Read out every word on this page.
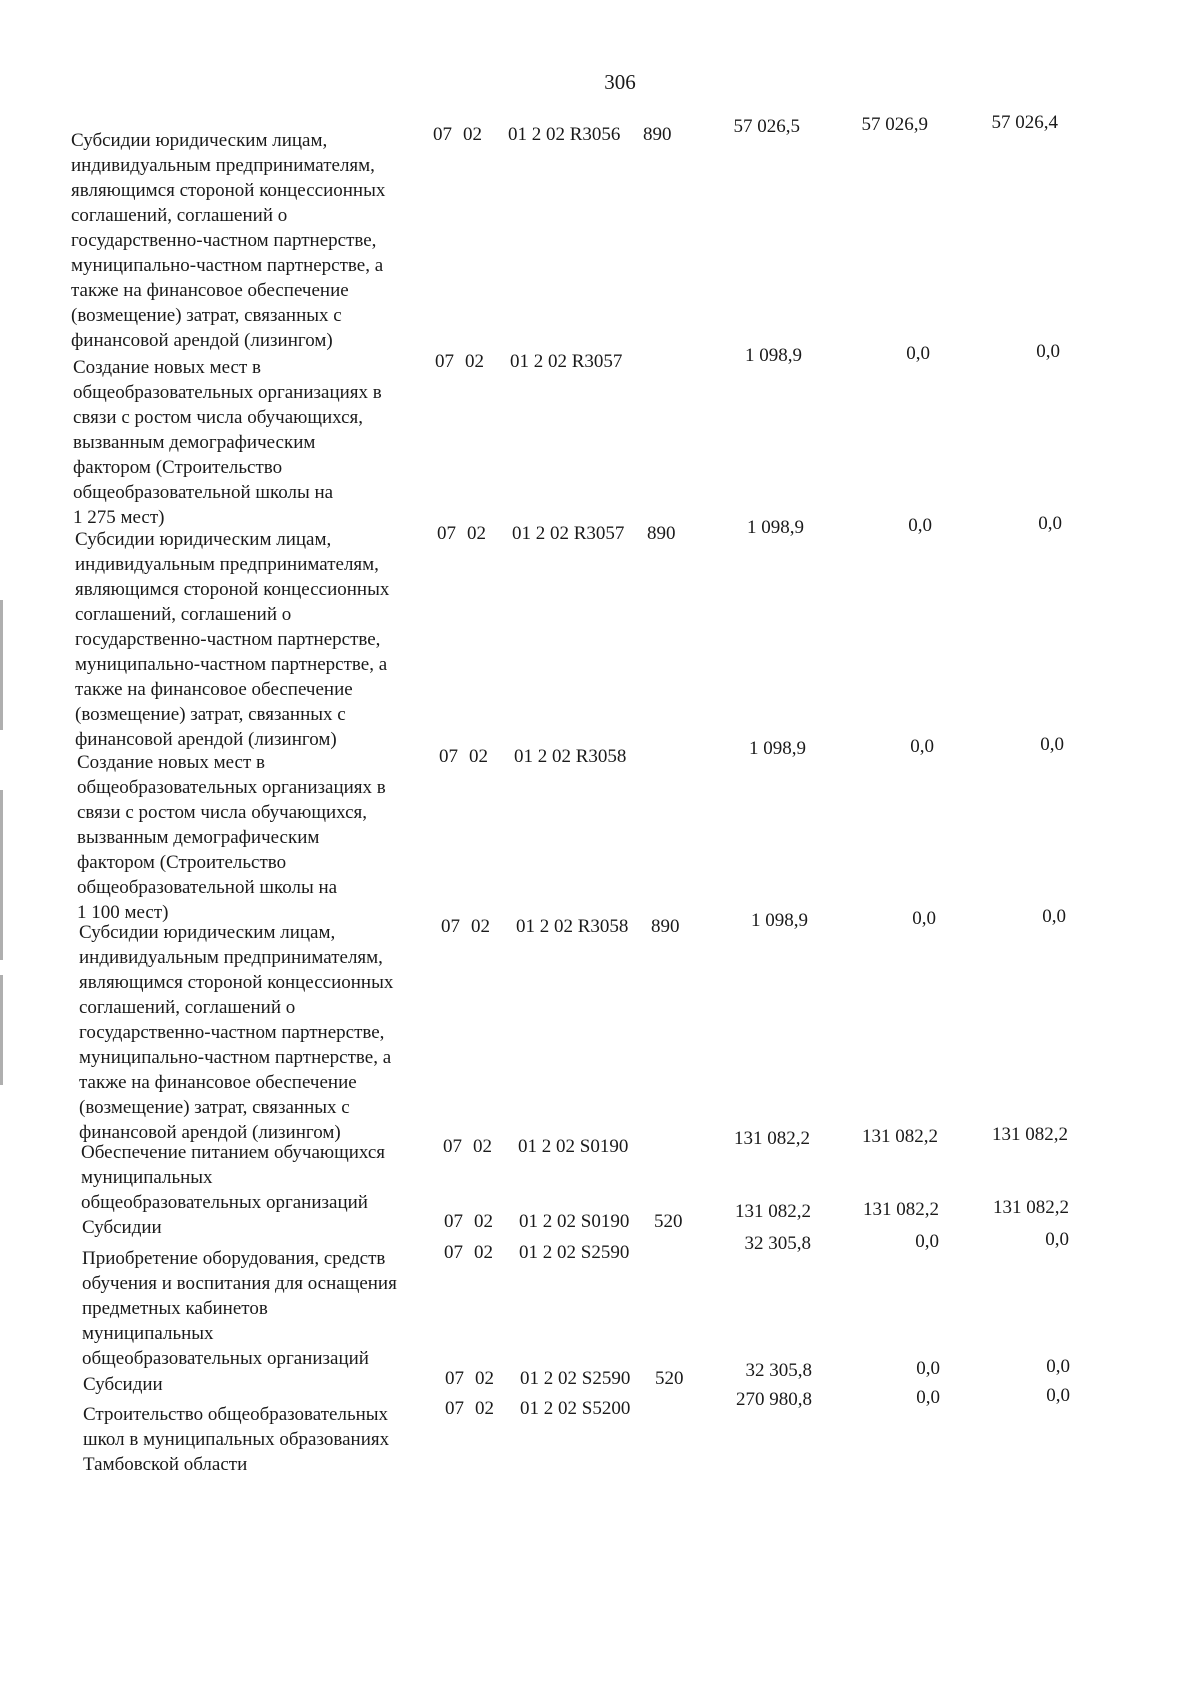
306
Субсидии юридическим лицам,
индивидуальным предпринимателям,
являющимся стороной концессионных
соглашений, соглашений о
государственно-частном партнерстве,
муниципально-частном партнерстве, а
также на финансовое обеспечение
(возмещение) затрат, связанных с
финансовой арендой (лизингом)
07 02 01 2 02 R3056 890	57 026,5	57 026,9	57 026,4
Создание новых мест в
общеобразовательных организациях в
связи с ростом числа обучающихся,
вызванным демографическим
фактором (Строительство
общеобразовательной школы на
1 275 мест)
07 02 01 2 02 R3057	1 098,9	0,0	0,0
Субсидии юридическим лицам,
индивидуальным предпринимателям,
являющимся стороной концессионных
соглашений, соглашений о
государственно-частном партнерстве,
муниципально-частном партнерстве, а
также на финансовое обеспечение
(возмещение) затрат, связанных с
финансовой арендой (лизингом)
07 02 01 2 02 R3057 890	1 098,9	0,0	0,0
Создание новых мест в
общеобразовательных организациях в
связи с ростом числа обучающихся,
вызванным демографическим
фактором (Строительство
общеобразовательной школы на
1 100 мест)
07 02 01 2 02 R3058	1 098,9	0,0	0,0
Субсидии юридическим лицам,
индивидуальным предпринимателям,
являющимся стороной концессионных
соглашений, соглашений о
государственно-частном партнерстве,
муниципально-частном партнерстве, а
также на финансовое обеспечение
(возмещение) затрат, связанных с
финансовой арендой (лизингом)
07 02 01 2 02 R3058 890	1 098,9	0,0	0,0
Обеспечение питанием обучающихся
муниципальных
общеобразовательных организаций
07 02 01 2 02 S0190	131 082,2	131 082,2	131 082,2
Субсидии	07 02 01 2 02 S0190 520	131 082,2	131 082,2	131 082,2
Приобретение оборудования, средств
обучения и воспитания для оснащения
предметных кабинетов
муниципальных
общеобразовательных организаций
07 02 01 2 02 S2590	32 305,8	0,0	0,0
Субсидии	07 02 01 2 02 S2590 520	32 305,8	0,0	0,0
Строительство общеобразовательных
школ в муниципальных образованиях
Тамбовской области
07 02 01 2 02 S5200	270 980,8	0,0	0,0
